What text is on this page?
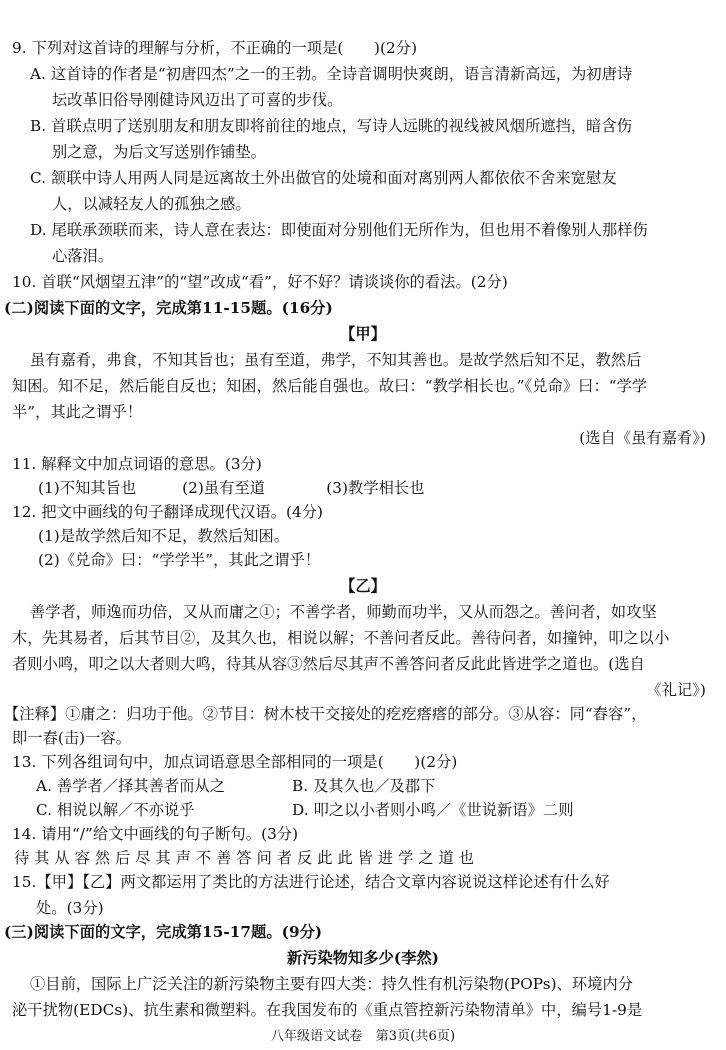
9. 下列对这首诗的理解与分析，不正确的一项是(　　)(2分)
A. 这首诗的作者是“初唐四杰”之一的王勃。全诗音调明快爽朗，语言清新高远，为初唐诗
坛改革旧俗导刚健诗风迈出了可喜的步伐。
B. 首联点明了送别朋友和朋友即将前往的地点，写诗人远眺的视线被风烟所遮挡，暗含伤
别之意，为后文写送别作铺垫。
C. 颔联中诗人用两人同是远离故土外出做官的处境和面对离别两人都依依不舍来宽慰友
人，以减轻友人的孤独之感。
D. 尾联承颈联而来，诗人意在表达：即使面对分别他们无所作为，但也用不着像别人那样伤
心落泪。
10. 首联“风烟望五津”的“望”改成“看”，好不好？请谈谈你的看法。(2分)
(二)阅读下面的文字，完成第11-15题。(16分)
【甲】
虽有嘉肴，弗食，不知其旨也；虽有至道，弗学，不知其善也。是故学然后知不足，教然后
知困。知不足，然后能自反也；知困，然后能自强也。故曰：“教学相长也。”《兑命》曰：“学学
半”，其此之谓乎！
(选自《虽有嘉肴》)
11. 解释文中加点词语的意思。(3分)
(1)不知其旨也　　　(2)虽有至道　　　　(3)教学相长也
12. 把文中画线的句子翻译成现代汉语。(4分)
(1)是故学然后知不足，教然后知困。
(2)《兑命》曰：“学学半”，其此之谓乎！
【乙】
善学者，师逸而功倍，又从而庸之①；不善学者，师勤而功半，又从而怨之。善问者，如攻坚
木，先其易者，后其节目②，及其久也，相说以解；不善问者反此。善待问者，如撞钟，叩之以小
者则小鸣，叩之以大者则大鸣，待其从容③然后尽其声不善答问者反此此皆进学之道也。(选自
《礼记》)
【注释】①庸之：归功于他。②节目：树木枝干交接处的疙疙瘩瘩的部分。③从容：同“舂容”，
即一舂(击)一容。
13. 下列各组词句中，加点词语意思全部相同的一项是(　　)(2分)
A. 善学者／择其善者而从之	B. 及其久也／及郡下
C. 相说以解／不亦说乎	D. 叩之以小者则小鸣／《世说新语》二则
14. 请用“/”给文中画线的句子断句。(3分)
待 其 从 容 然 后 尽 其 声 不 善 答 问 者 反 此 此 皆 进 学 之 道 也
15.【甲】【乙】两文都运用了类比的方法进行论述，结合文章内容说说这样论述有什么好
处。(3分)
(三)阅读下面的文字，完成第15-17题。(9分)
新污染物知多少(李然)
①目前，国际上广泛关注的新污染物主要有四大类：持久性有机污染物(POPs)、环境内分
泌干扰物(EDCs)、抗生素和微塑料。在我国发布的《重点管控新污染物清单》中，编号1-9是
八年级语文试卷　第3页(共6页)
